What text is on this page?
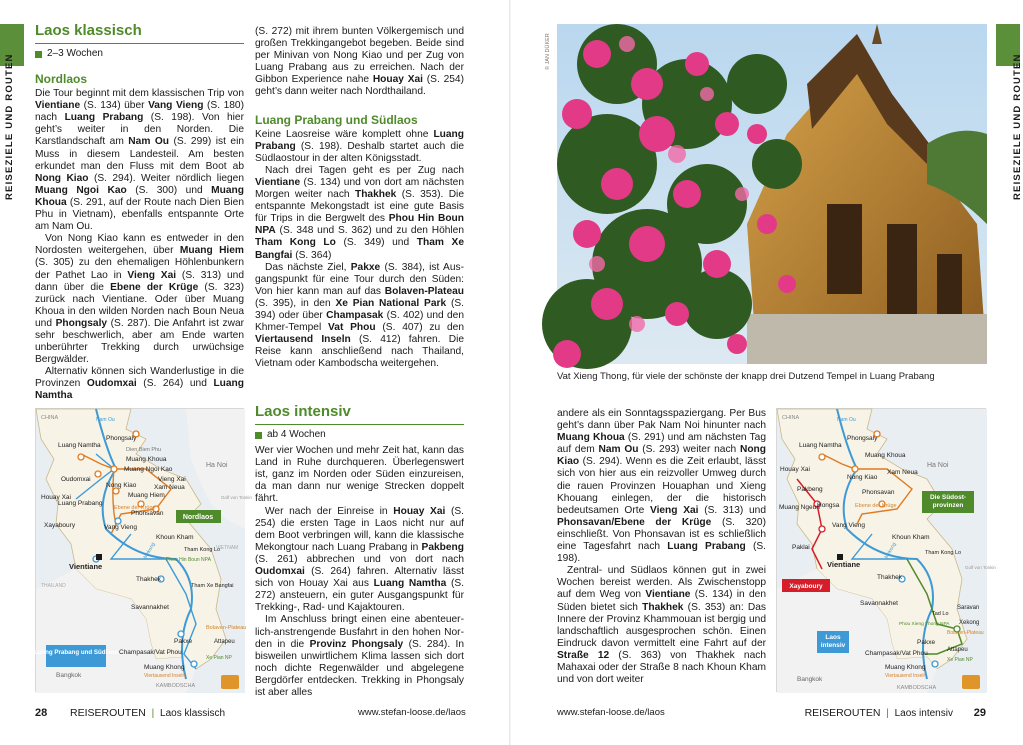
REISEZIELE UND ROUTEN	REISEZIELE UND ROUTEN
Laos klassisch
2–3 Wochen
Nordlaos

Die Tour beginnt mit dem klassischen Trip von Vientiane (S. 134) über Vang Vieng (S. 180) nach Luang Prabang (S. 198). Von hier geht’s weiter in den Norden. Die Karstlandschaft am Nam Ou (S. 299) ist ein Muss in diesem Landesteil. Am besten erkundet man den Fluss mit dem Boot ab Nong Kiao (S. 294). Weiter nördlich liegen Muang Ngoi Kao (S. 300) und Muang Khoua (S. 291, auf der Route nach Dien Bien Phu in Vietnam), ebenfalls entspannte Orte am Nam Ou.

Von Nong Kiao kann es entweder in den Nordosten weitergehen, über Muang Hiem (S. 305) zu den ehemaligen Höhlenbunkern der Pathet Lao in Vieng Xai (S. 313) und dann über die Ebene der Krüge (S. 323) zurück nach Vientiane. Oder über Muang Khoua in den wilden Norden nach Boun Neua und Phongsaly (S. 287). Die Anfahrt ist zwar sehr beschwerlich, aber am Ende warten unberührter Trekking durch urwüchsige Bergwälder.

Alternativ können sich Wanderlustige in die Provinzen Oudomxai (S. 264) und Luang Namtha

(S. 272) mit ihrem bunten Völkergemisch und großen Trekkingangebot begeben. Beide sind per Minivan von Nong Kiao und per Zug von Luang Prabang aus zu erreichen. Nach der Gibbon Experience nahe Houay Xai (S. 254) geht’s dann weiter nach Nordthailand.

Luang Prabang und Südlaos

Keine Laosreise wäre komplett ohne Luang Prabang (S. 198). Deshalb startet auch die Südlaostour in der alten Königsstadt.

Nach drei Tagen geht es per Zug nach Vientiane (S. 134) und von dort am nächsten Morgen weiter nach Thakhek (S. 353). Die entspannte Mekongstadt ist eine gute Basis für Trips in die Bergwelt des Phou Hin Boun NPA (S. 348 und S. 362) und zu den Höhlen Tham Kong Lo (S. 349) und Tham Xe Bangfai (S. 364)

Das nächste Ziel, Pakxe (S. 384), ist Ausgangspunkt für eine Tour durch den Süden: Von hier kann man auf das Bolaven-Plateau (S. 395), in den Xe Pian National Park (S. 394) oder über Champasak (S. 402) und den Khmer-Tempel Vat Phou (S. 407) zu den Viertausend Inseln (S. 412) fahren. Die Reise kann anschließend nach Thailand, Vietnam oder Kambodscha weitergehen.

Laos intensiv
ab 4 Wochen

Wer vier Wochen und mehr Zeit hat, kann das Land in Ruhe durchqueren. Überlegenswert ist, ganz im Norden oder Süden einzureisen, da man dann nur wenige Strecken doppelt fährt.

Wer nach der Einreise in Houay Xai (S. 254) die ersten Tage in Laos nicht nur auf dem Boot verbringen will, kann die klassische Mekongtour nach Luang Prabang in Pakbeng (S. 261) abbrechen und von dort nach Oudomxai (S. 264) fahren. Alternativ lässt sich von Houay Xai aus Luang Namtha (S. 272) ansteuern, ein guter Ausgangspunkt für Trekking-, Rad- und Kajaktouren.

Im Anschluss bringt einen eine abenteuerlich-anstrengende Busfahrt in den hohen Norden in die Provinz Phongsaly (S. 284). In bisweilen unwirtlichem Klima lassen sich dort noch dichte Regenwälder und abgelegene Bergdörfer entdecken. Trekking in Phongsaly ist aber alles

CHINA	Nam Ou
Phongsaly
Dien Bien Phu
Luang Namtha
Muang Khoua
Muang Ngoi Kao
Ha Noi
Oudomxai
Nong Kiao
Vieng Xai
Xam Neua
Houay Xai
Luang Prabang
Muang Hiem
Ebene der Krüge
Phonsavan
Xayaboury	Vang Vieng
Khoun Kham
Vientiane
Tham Kong Lo
Phou Hin Boun NPA
Thakhek
Tham Xe Bangfai
Savannakhet
Mekong
Bolaven-Plateau
Attapeu
Pakxe
Champasak/Vat Phou
Xe Pian NP
Muang Khong
Viertausend Inseln
Bangkok
KAMBODSCHA
THAILAND
VIETNAM
Golf von Tonkin
Nordlaos
Luang Prabang und Südlaos
© JAN DÜKER
Vat Xieng Thong, für viele der schönste der knapp drei Dutzend Tempel in Luang Prabang

andere als ein Sonntagsspaziergang. Per Bus geht’s dann über Pak Nam Noi hinunter nach Muang Khoua (S. 291) und am nächsten Tag auf dem Nam Ou (S. 293) weiter nach Nong Kiao (S. 294). Wenn es die Zeit erlaubt, lässt sich von hier aus ein reizvoller Umweg durch die rauen Provinzen Houaphan und Xieng Khouang einlegen, der die historisch bedeutsamen Orte Vieng Xai (S. 313) und Phonsavan/Ebene der Krüge (S. 320) einschließt. Von Phonsavan ist es schließlich eine Tagesfahrt nach Luang Prabang (S. 198).

Zentral- und Südlaos können gut in zwei Wochen bereist werden. Als Zwischenstopp auf dem Weg von Vientiane (S. 134) in den Süden bietet sich Thakhek (S. 353) an: Das Innere der Provinz Khammouan ist bergig und landschaftlich ausgesprochen schön. Einen Eindruck davon vermittelt eine Fahrt auf der Straße 12 (S. 363) von Thakhek nach Mahaxai oder der Straße 8 nach Khoun Kham und von dort weiter

CHINA	Nam Ou
Phongsaly
Luang Namtha
Muang Khoua
Nong Kiao
Houay Xai	Xam Neua
Ha Noi
Pakbeng	Phonsavan
Muang Ngeun
Hongsa	Ebene der Krüge
Vang Vieng
Paklai
Khoun Kham
Tham Kong Lo
Vientiane
Thakhek
Mekong
Savannakhet
Tad Lo
Saravan
Phou Xieng Thong NPA Xekong
Bolaven-Plateau
Pakxe
Attapeu
Champasak/Vat Phou
Xe Pian NP
Muang Khong
Viertausend Inseln
Bangkok
KAMBODSCHA
Golf von Tonkin
Die Südost-provinzen
Xayaboury
Laos intensiv
28 REISEROUTEN | Laos klassisch	www.stefan-loose.de/laos	www.stefan-loose.de/laos	REISEROUTEN | Laos intensiv 29
